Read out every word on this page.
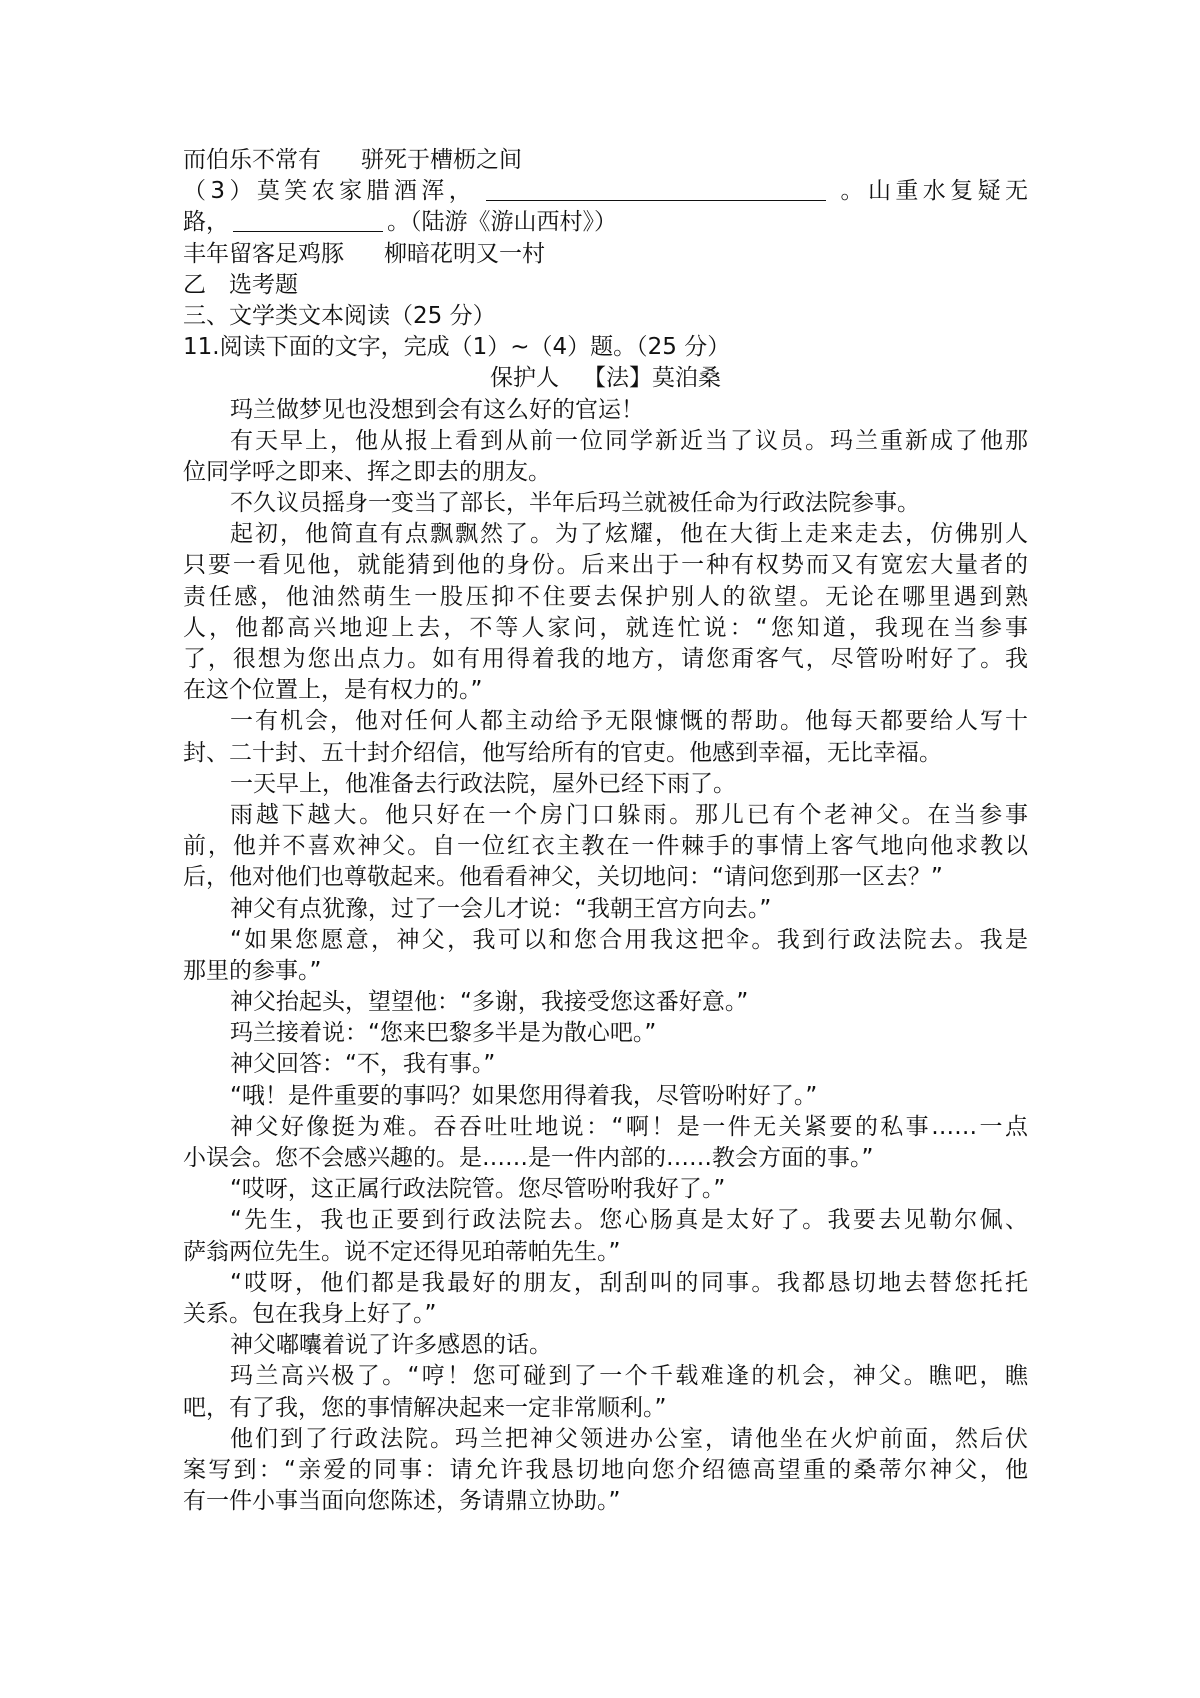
而伯乐不常有 骈死于槽枥之间
（3）莫笑农家腊酒浑，	。山重水复疑无
路，	。（陆游《游山西村》）
丰年留客足鸡豚 柳暗花明又一村
乙　选考题
三、文学类文本阅读（25 分）
11.阅读下面的文字，完成（1）~（4）题。（25 分）
保护人 【法】莫泊桑
玛兰做梦见也没想到会有这么好的官运！
有天早上，他从报上看到从前一位同学新近当了议员。玛兰重新成了他那
位同学呼之即来、挥之即去的朋友。
不久议员摇身一变当了部长，半年后玛兰就被任命为行政法院参事。
起初，他简直有点飘飘然了。为了炫耀，他在大街上走来走去，仿佛别人
只要一看见他，就能猜到他的身份。后来出于一种有权势而又有宽宏大量者的
责任感，他油然萌生一股压抑不住要去保护别人的欲望。无论在哪里遇到熟
人，他都高兴地迎上去，不等人家问，就连忙说：“您知道，我现在当参事
了，很想为您出点力。如有用得着我的地方，请您甭客气，尽管吩咐好了。我
在这个位置上，是有权力的。”
一有机会，他对任何人都主动给予无限慷慨的帮助。他每天都要给人写十
封、二十封、五十封介绍信，他写给所有的官吏。他感到幸福，无比幸福。
一天早上，他准备去行政法院，屋外已经下雨了。
雨越下越大。他只好在一个房门口躲雨。那儿已有个老神父。在当参事
前，他并不喜欢神父。自一位红衣主教在一件棘手的事情上客气地向他求教以
后，他对他们也尊敬起来。他看看神父，关切地问：“请问您到那一区去？”
神父有点犹豫，过了一会儿才说：“我朝王宫方向去。”
“如果您愿意，神父，我可以和您合用我这把伞。我到行政法院去。我是
那里的参事。”
神父抬起头，望望他：“多谢，我接受您这番好意。”
玛兰接着说：“您来巴黎多半是为散心吧。”
神父回答：“不，我有事。”
“哦！是件重要的事吗？如果您用得着我，尽管吩咐好了。”
神父好像挺为难。吞吞吐吐地说：“啊！是一件无关紧要的私事……一点
小误会。您不会感兴趣的。是……是一件内部的……教会方面的事。”
“哎呀，这正属行政法院管。您尽管吩咐我好了。”
“先生，我也正要到行政法院去。您心肠真是太好了。我要去见勒尔佩、
萨翁两位先生。说不定还得见珀蒂帕先生。”
“哎呀，他们都是我最好的朋友，刮刮叫的同事。我都恳切地去替您托托
关系。包在我身上好了。”
神父嘟囔着说了许多感恩的话。
玛兰高兴极了。“哼！您可碰到了一个千载难逢的机会，神父。瞧吧，瞧
吧，有了我，您的事情解决起来一定非常顺利。”
他们到了行政法院。玛兰把神父领进办公室，请他坐在火炉前面，然后伏
案写到：“亲爱的同事：请允许我恳切地向您介绍德高望重的桑蒂尔神父，他
有一件小事当面向您陈述，务请鼎立协助。”
